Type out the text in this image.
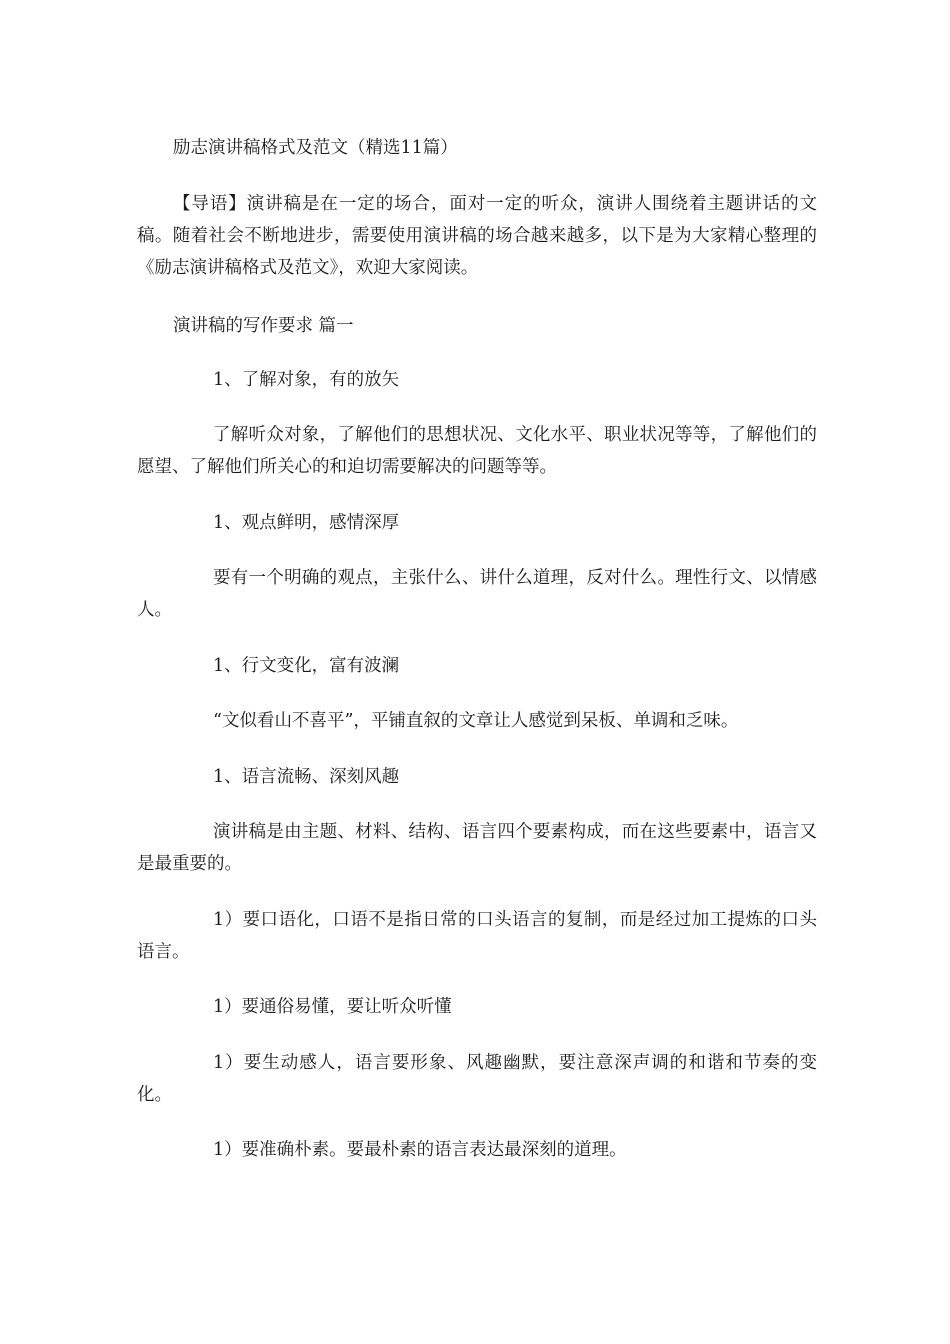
励志演讲稿格式及范文（精选11篇）
【导语】演讲稿是在一定的场合，面对一定的听众，演讲人围绕着主题讲话的文稿。随着社会不断地进步，需要使用演讲稿的场合越来越多，以下是为大家精心整理的《励志演讲稿格式及范文》，欢迎大家阅读。
演讲稿的写作要求 篇一
1、了解对象，有的放矢
了解听众对象，了解他们的思想状况、文化水平、职业状况等等，了解他们的愿望、了解他们所关心的和迫切需要解决的问题等等。
1、观点鲜明，感情深厚
要有一个明确的观点，主张什么、讲什么道理，反对什么。理性行文、以情感人。
1、行文变化，富有波澜
“文似看山不喜平”，平铺直叙的文章让人感觉到呆板、单调和乏味。
1、语言流畅、深刻风趣
演讲稿是由主题、材料、结构、语言四个要素构成，而在这些要素中，语言又是最重要的。
1）要口语化，口语不是指日常的口头语言的复制，而是经过加工提炼的口头语言。
1）要通俗易懂，要让听众听懂
1）要生动感人，语言要形象、风趣幽默，要注意深声调的和谐和节奏的变化。
1）要准确朴素。要最朴素的语言表达最深刻的道理。
